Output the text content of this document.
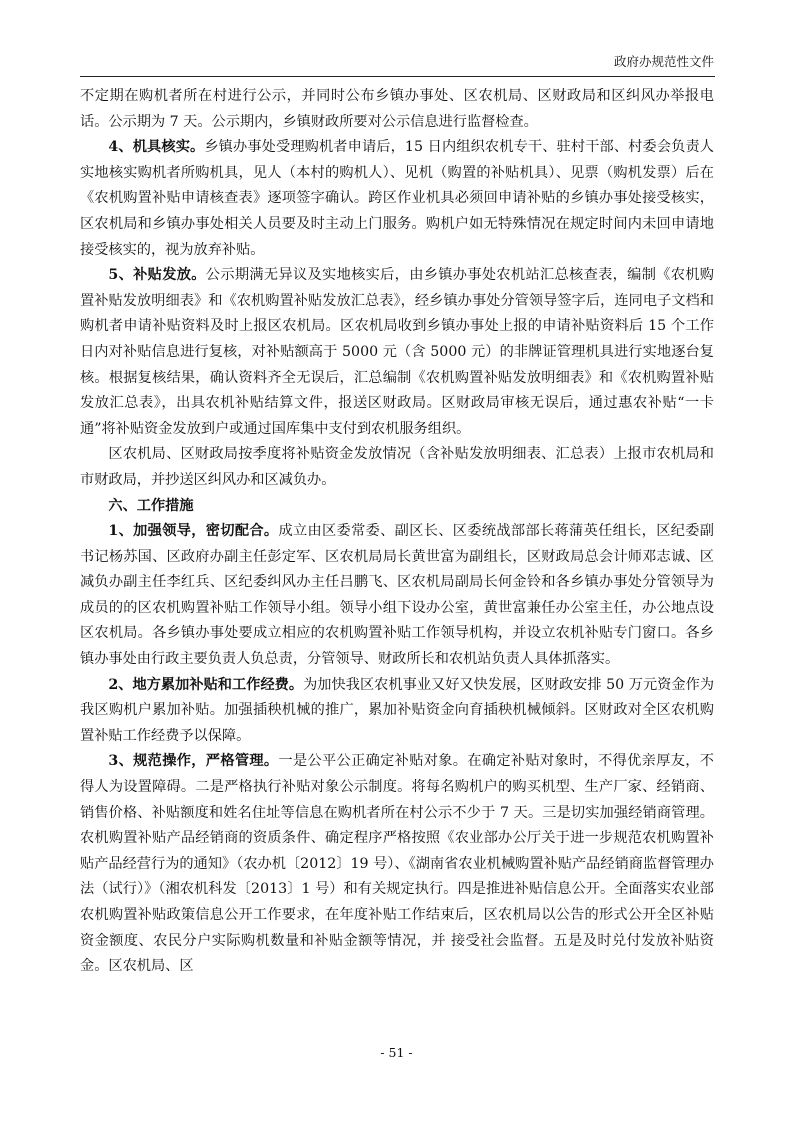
政府办规范性文件

不定期在购机者所在村进行公示，并同时公布乡镇办事处、区农机局、区财政局和区纠风办举报电话。公示期为 7 天。公示期内，乡镇财政所要对公示信息进行监督检查。

4、机具核实。乡镇办事处受理购机者申请后，15 日内组织农机专干、驻村干部、村委会负责人实地核实购机者所购机具，见人（本村的购机人）、见机（购置的补贴机具）、见票（购机发票）后在《农机购置补贴申请核查表》逐项签字确认。跨区作业机具必须回申请补贴的乡镇办事处接受核实，区农机局和乡镇办事处相关人员要及时主动上门服务。购机户如无特殊情况在规定时间内未回申请地接受核实的，视为放弃补贴。

5、补贴发放。公示期满无异议及实地核实后，由乡镇办事处农机站汇总核查表，编制《农机购置补贴发放明细表》和《农机购置补贴发放汇总表》，经乡镇办事处分管领导签字后，连同电子文档和购机者申请补贴资料及时上报区农机局。区农机局收到乡镇办事处上报的申请补贴资料后 15 个工作日内对补贴信息进行复核，对补贴额高于 5000 元（含 5000 元）的非牌证管理机具进行实地逐台复核。根据复核结果，确认资料齐全无误后，汇总编制《农机购置补贴发放明细表》和《农机购置补贴发放汇总表》，出具农机补贴结算文件，报送区财政局。区财政局审核无误后，通过惠农补贴“一卡通”将补贴资金发放到户或通过国库集中支付到农机服务组织。

区农机局、区财政局按季度将补贴资金发放情况（含补贴发放明细表、汇总表）上报市农机局和市财政局，并抄送区纠风办和区减负办。

六、工作措施

1、加强领导，密切配合。成立由区委常委、副区长、区委统战部部长蒋蒲英任组长，区纪委副书记杨苏国、区政府办副主任彭定军、区农机局局长黄世富为副组长，区财政局总会计师邓志诚、区减负办副主任李红兵、区纪委纠风办主任吕鹏飞、区农机局副局长何金铃和各乡镇办事处分管领导为成员的的区农机购置补贴工作领导小组。领导小组下设办公室，黄世富兼任办公室主任，办公地点设区农机局。各乡镇办事处要成立相应的农机购置补贴工作领导机构，并设立农机补贴专门窗口。各乡镇办事处由行政主要负责人负总责，分管领导、财政所长和农机站负责人具体抓落实。

2、地方累加补贴和工作经费。为加快我区农机事业又好又快发展，区财政安排 50 万元资金作为我区购机户累加补贴。加强插秧机械的推广，累加补贴资金向育插秧机械倾斜。区财政对全区农机购置补贴工作经费予以保障。

3、规范操作，严格管理。一是公平公正确定补贴对象。在确定补贴对象时，不得优亲厚友，不得人为设置障碍。二是严格执行补贴对象公示制度。将每名购机户的购买机型、生产厂家、经销商、销售价格、补贴额度和姓名住址等信息在购机者所在村公示不少于 7 天。三是切实加强经销商管理。农机购置补贴产品经销商的资质条件、确定程序严格按照《农业部办公厅关于进一步规范农机购置补贴产品经营行为的通知》（农办机〔2012〕19 号）、《湖南省农业机械购置补贴产品经销商监督管理办法（试行）》（湘农机科发〔2013〕1 号）和有关规定执行。四是推进补贴信息公开。全面落实农业部农机购置补贴政策信息公开工作要求，在年度补贴工作结束后，区农机局以公告的形式公开全区补贴资金额度、农民分户实际购机数量和补贴金额等情况，并 接受社会监督。五是及时兑付发放补贴资金。区农机局、区

- 51 -
